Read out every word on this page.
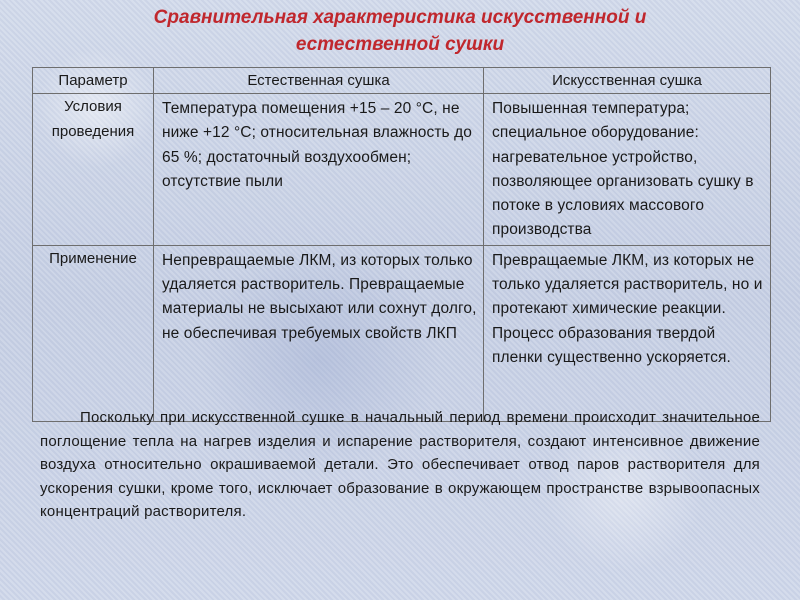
Сравнительная характеристика искусственной и
естественной сушки
Параметр	Естественная сушка	Искусственная сушка
Условия проведения	Температура помещения +15 – 20 °С, не ниже +12 °С; относительная влажность до 65 %; достаточный воздухообмен; отсутствие пыли	Повышенная температура; специальное оборудование: нагревательное устройство, позволяющее организовать сушку в потоке в условиях массового производства
Применение	Непревращаемые ЛКМ, из которых только удаляется растворитель. Превращаемые материалы не высыхают или сохнут долго, не обеспечивая требуемых свойств ЛКП	Превращаемые ЛКМ, из которых не только удаляется растворитель, но и протекают химические реакции. Процесс образования твердой пленки существенно ускоряется.
Поскольку при искусственной сушке в начальный период времени происходит значительное поглощение тепла на нагрев изделия и испарение растворителя, создают интенсивное движение воздуха относительно окрашиваемой детали. Это обеспечивает отвод паров растворителя для ускорения сушки, кроме того, исключает образование в окружающем пространстве взрывоопасных концентраций растворителя.
